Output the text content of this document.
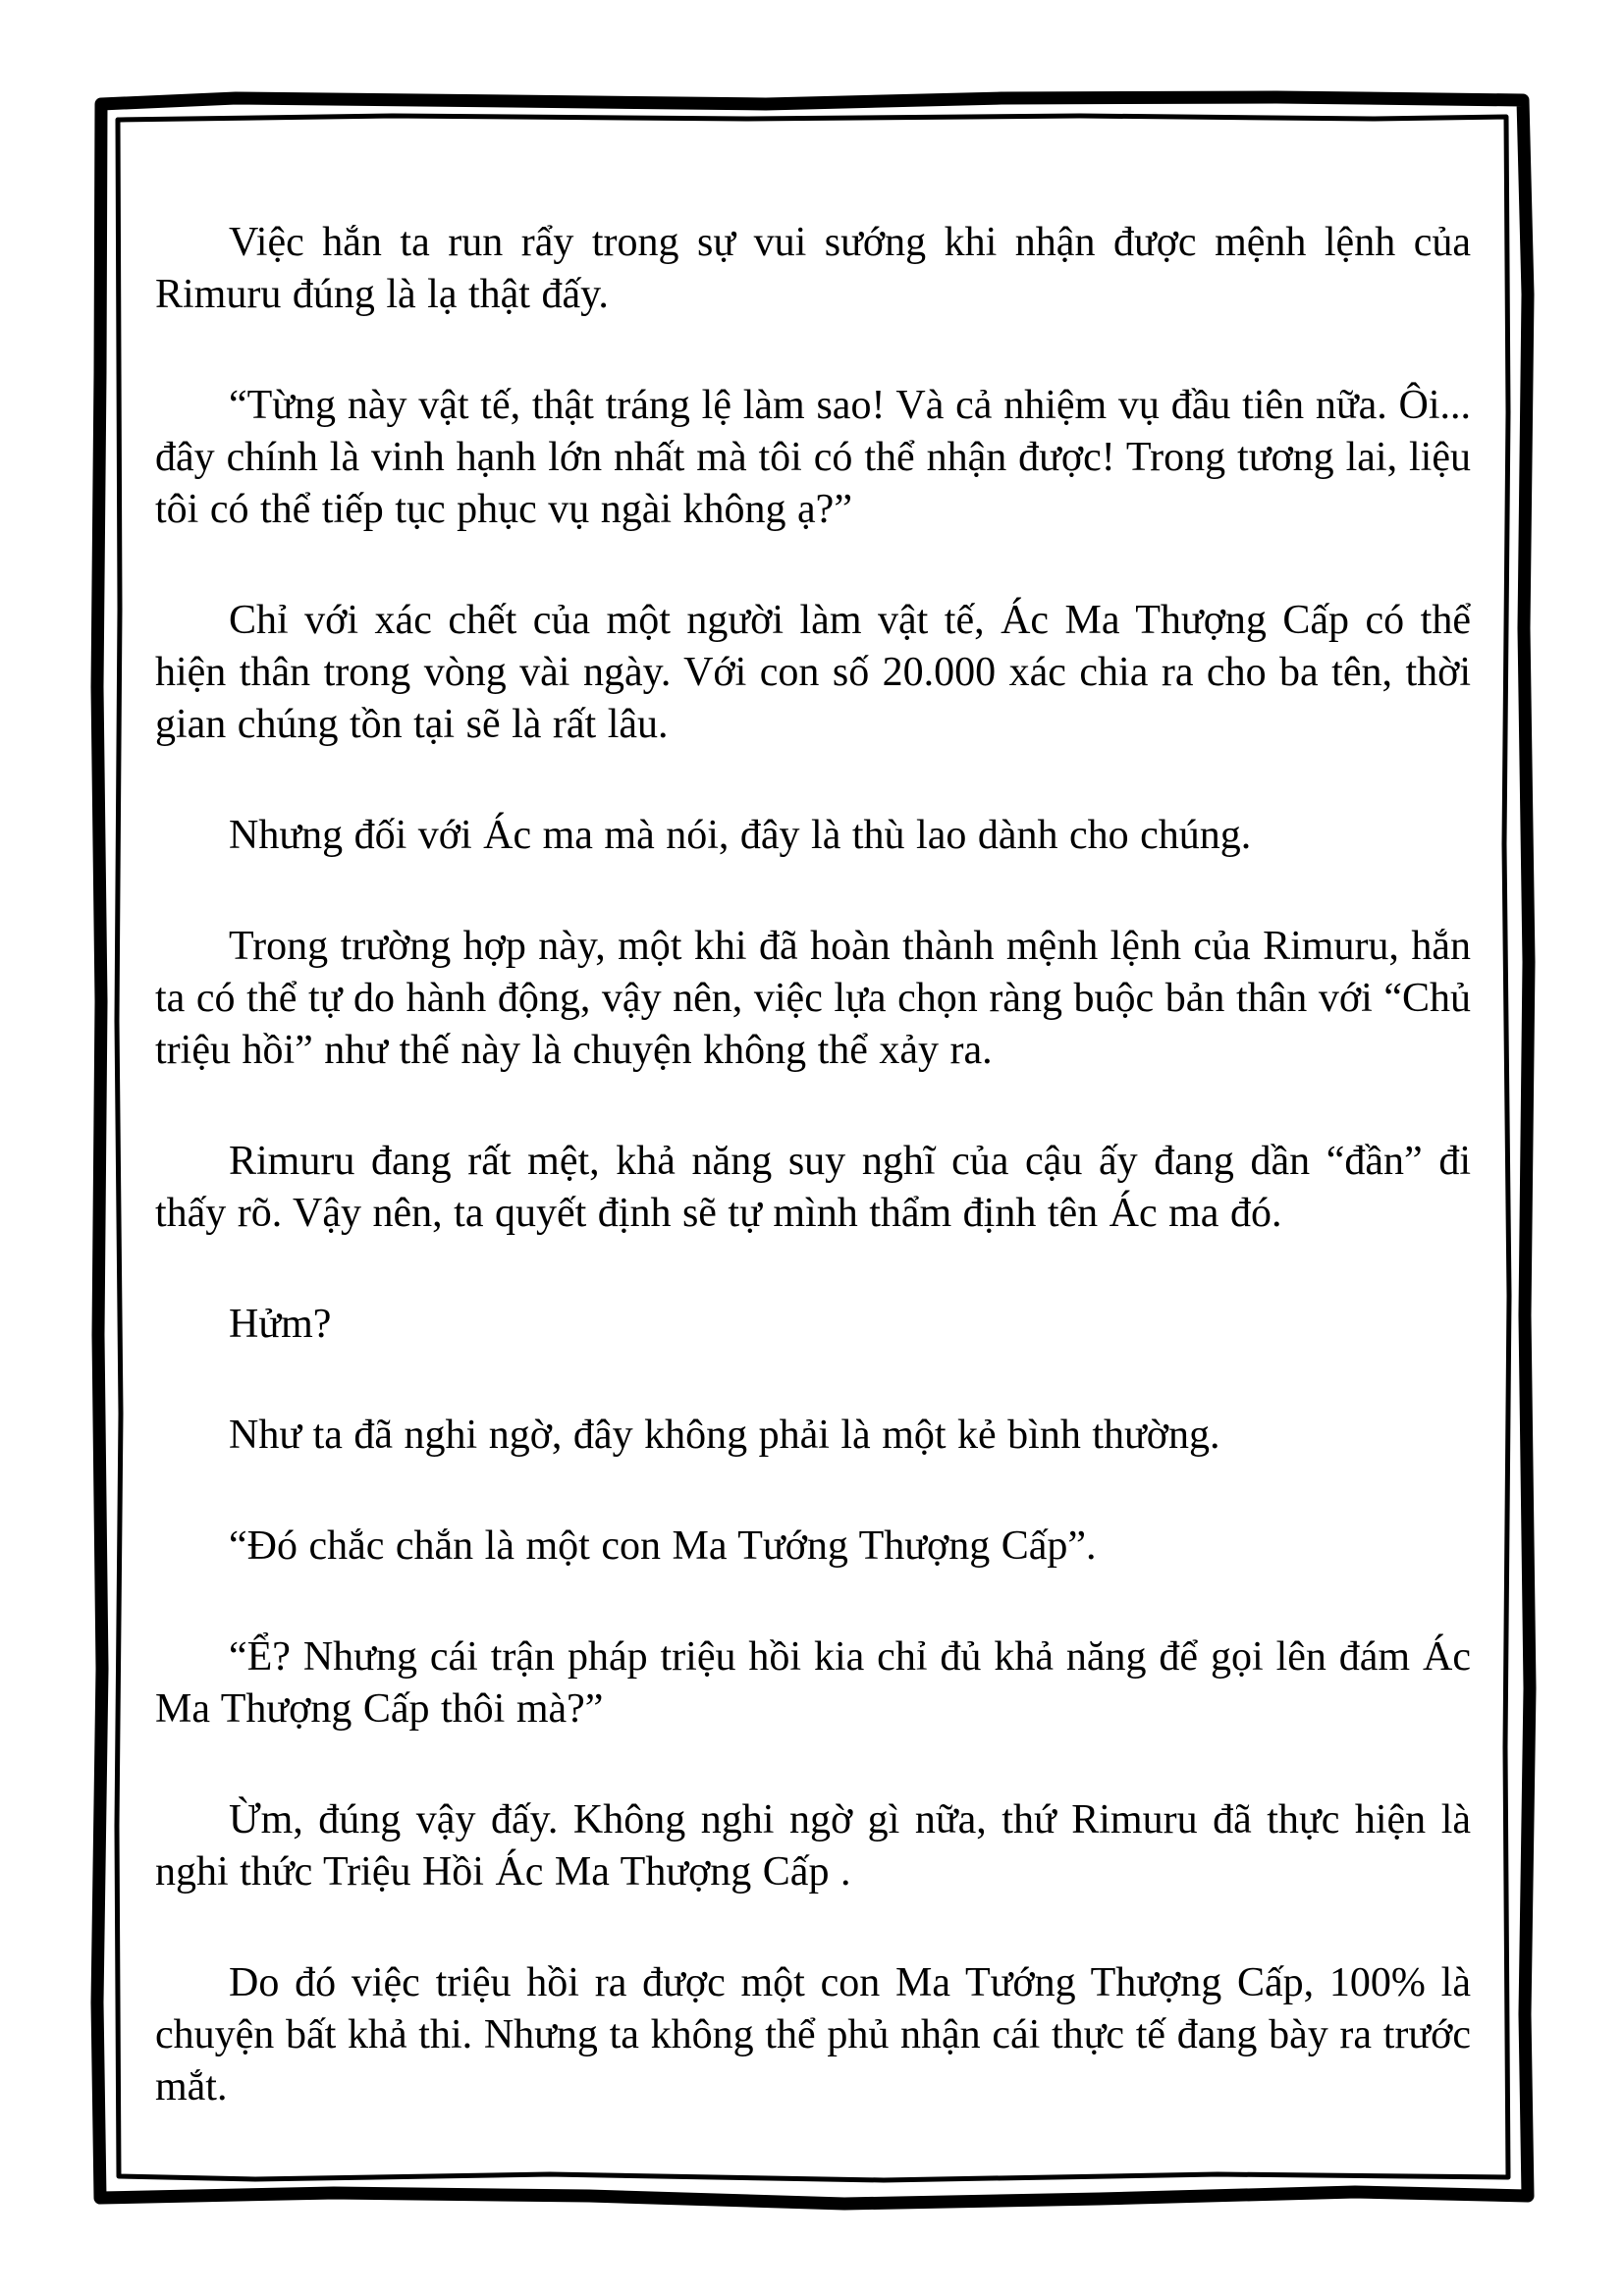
Việc hắn ta run rẩy trong sự vui sướng khi nhận được mệnh lệnh của Rimuru đúng là lạ thật đấy.

“Từng này vật tế, thật tráng lệ làm sao! Và cả nhiệm vụ đầu tiên nữa. Ôi... đây chính là vinh hạnh lớn nhất mà tôi có thể nhận được! Trong tương lai, liệu tôi có thể tiếp tục phục vụ ngài không ạ?”

Chỉ với xác chết của một người làm vật tế, Ác Ma Thượng Cấp có thể hiện thân trong vòng vài ngày. Với con số 20.000 xác chia ra cho ba tên, thời gian chúng tồn tại sẽ là rất lâu.

Nhưng đối với Ác ma mà nói, đây là thù lao dành cho chúng.

Trong trường hợp này, một khi đã hoàn thành mệnh lệnh của Rimuru, hắn ta có thể tự do hành động, vậy nên, việc lựa chọn ràng buộc bản thân với “Chủ triệu hồi” như thế này là chuyện không thể xảy ra.

Rimuru đang rất mệt, khả năng suy nghĩ của cậu ấy đang dần “đần” đi thấy rõ. Vậy nên, ta quyết định sẽ tự mình thẩm định tên Ác ma đó.

Hửm?

Như ta đã nghi ngờ, đây không phải là một kẻ bình thường.

“Đó chắc chắn là một con Ma Tướng Thượng Cấp”.

“Ể? Nhưng cái trận pháp triệu hồi kia chỉ đủ khả năng để gọi lên đám Ác Ma Thượng Cấp thôi mà?”

Ừm, đúng vậy đấy. Không nghi ngờ gì nữa, thứ Rimuru đã thực hiện là nghi thức Triệu Hồi Ác Ma Thượng Cấp .

Do đó việc triệu hồi ra được một con Ma Tướng Thượng Cấp, 100% là chuyện bất khả thi. Nhưng ta không thể phủ nhận cái thực tế đang bày ra trước mắt.
